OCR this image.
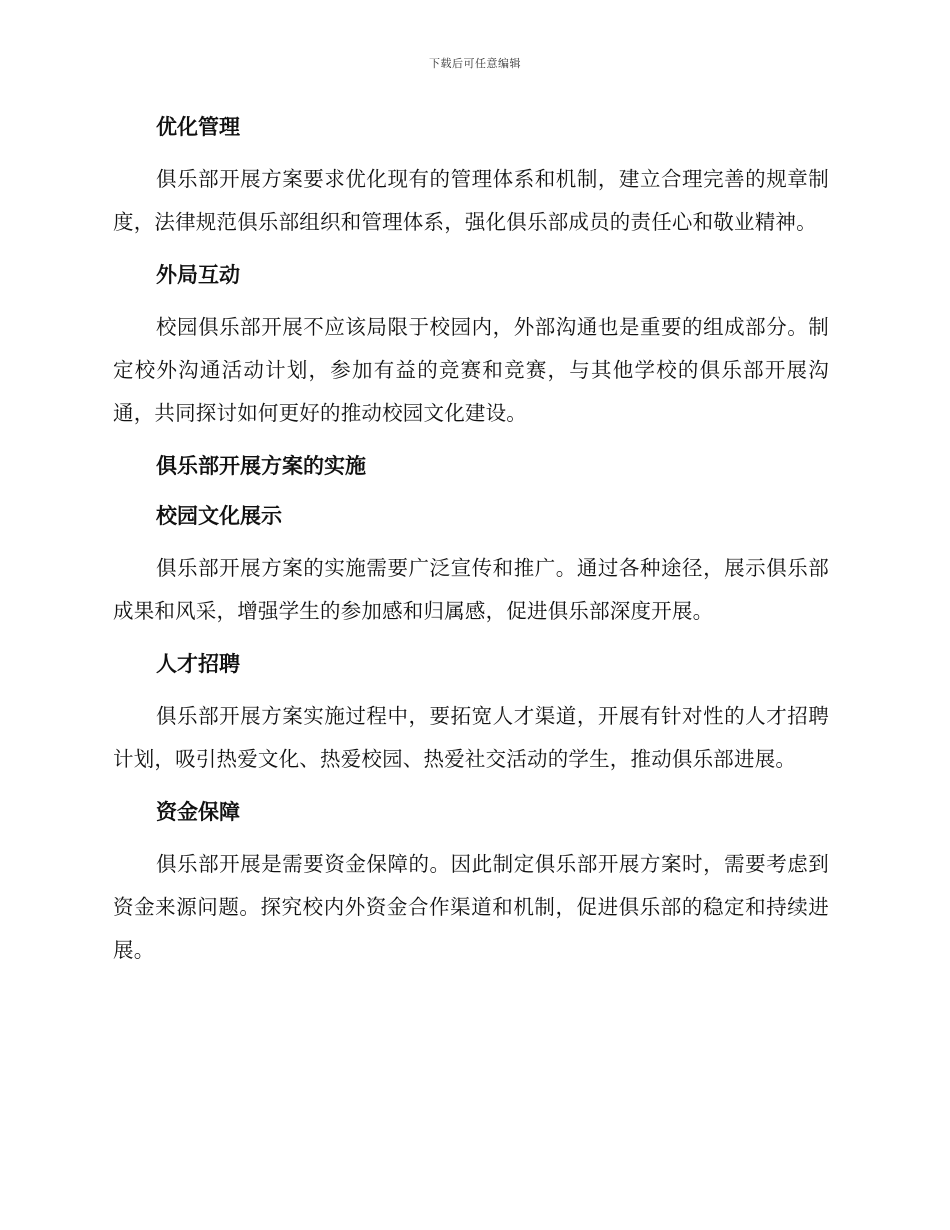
下载后可任意编辑
优化管理

俱乐部开展方案要求优化现有的管理体系和机制，建立合理完善的规章制度，法律规范俱乐部组织和管理体系，强化俱乐部成员的责任心和敬业精神。

外局互动

校园俱乐部开展不应该局限于校园内，外部沟通也是重要的组成部分。制定校外沟通活动计划，参加有益的竞赛和竞赛，与其他学校的俱乐部开展沟通，共同探讨如何更好的推动校园文化建设。

俱乐部开展方案的实施
校园文化展示

俱乐部开展方案的实施需要广泛宣传和推广。通过各种途径，展示俱乐部成果和风采，增强学生的参加感和归属感，促进俱乐部深度开展。

人才招聘

俱乐部开展方案实施过程中，要拓宽人才渠道，开展有针对性的人才招聘计划，吸引热爱文化、热爱校园、热爱社交活动的学生，推动俱乐部进展。

资金保障

俱乐部开展是需要资金保障的。因此制定俱乐部开展方案时，需要考虑到资金来源问题。探究校内外资金合作渠道和机制，促进俱乐部的稳定和持续进展。
